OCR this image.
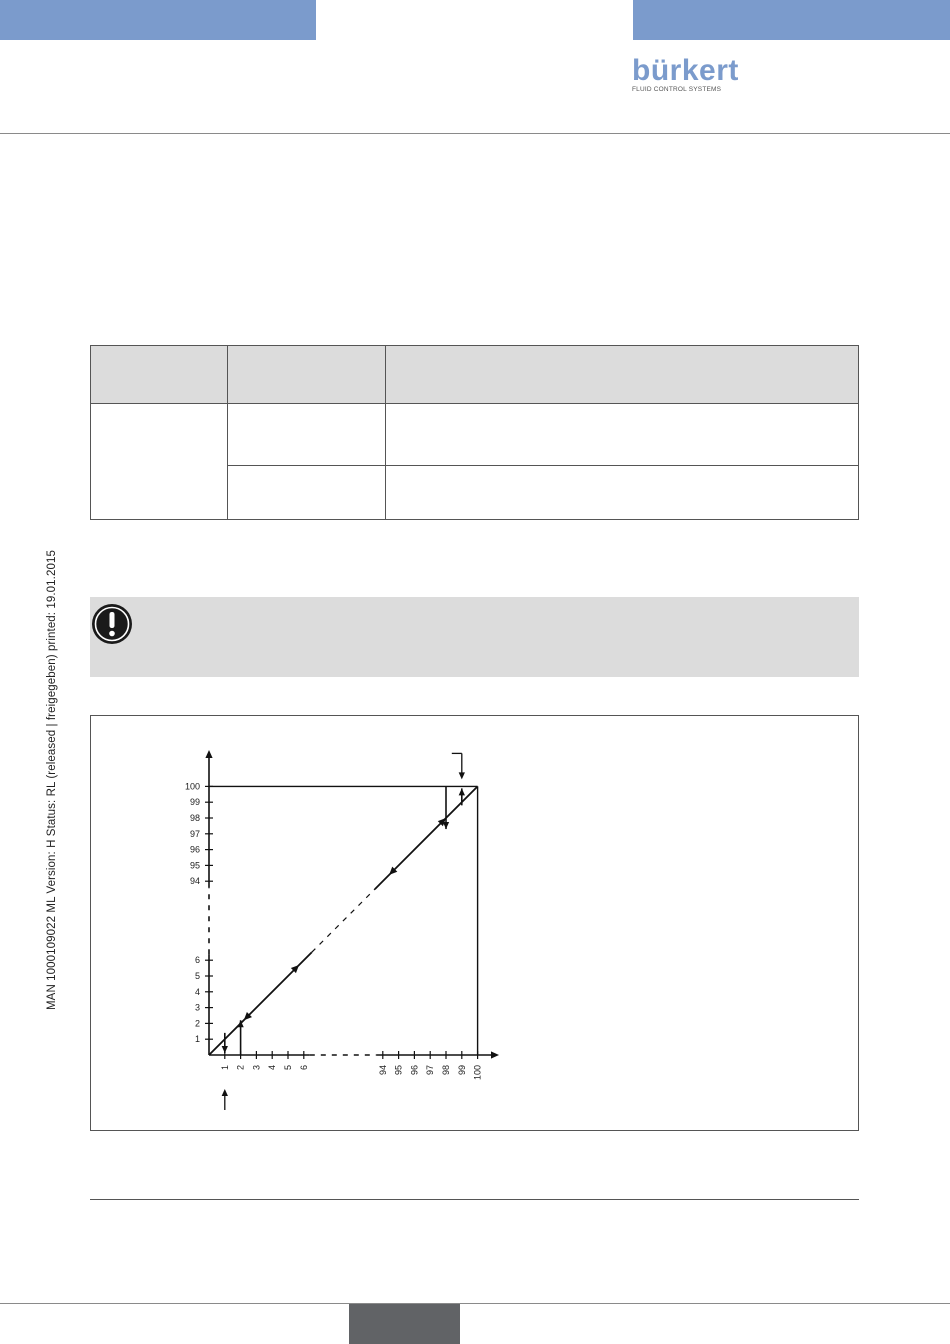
bürkert
FLUID CONTROL SYSTEMS
MAN 1000109022 ML Version: H Status: RL (released | freigegeben) printed: 19.01.2015

1
2
3
4
5
6
94
95
96
97
98
99
100
1 2 3 4 5 6	94 95 96 97 98 99 100
